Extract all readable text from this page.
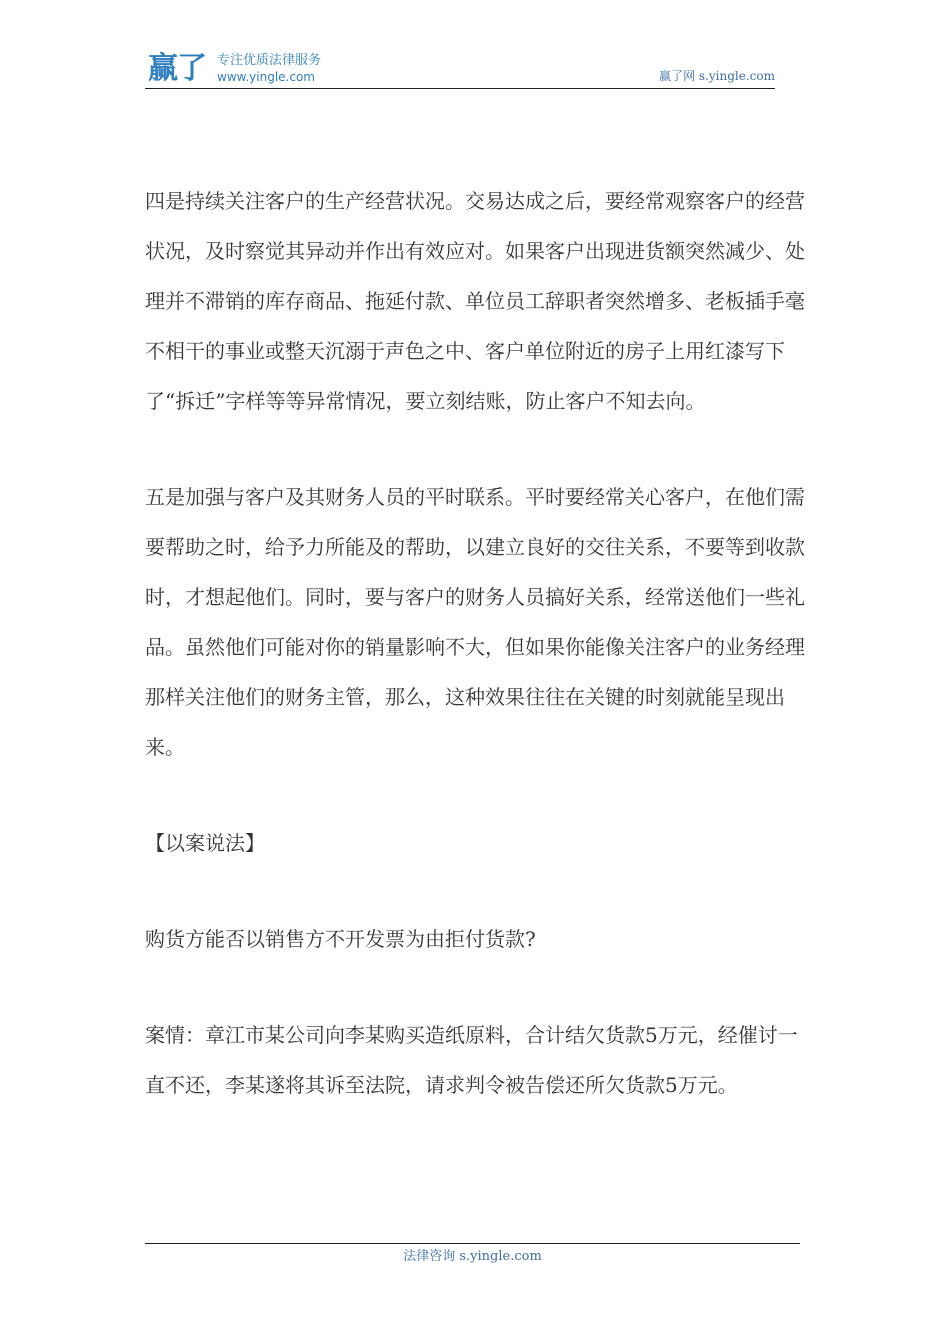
赢了 专注优质法律服务
www.yingle.com	赢了网 s.yingle.com

四是持续关注客户的生产经营状况。交易达成之后，要经常观察客户的经营状况，及时察觉其异动并作出有效应对。如果客户出现进货额突然减少、处理并不滞销的库存商品、拖延付款、单位员工辞职者突然增多、老板插手毫不相干的事业或整天沉溺于声色之中、客户单位附近的房子上用红漆写下了“拆迁”字样等等异常情况，要立刻结账，防止客户不知去向。

五是加强与客户及其财务人员的平时联系。平时要经常关心客户，在他们需要帮助之时，给予力所能及的帮助，以建立良好的交往关系，不要等到收款时，才想起他们。同时，要与客户的财务人员搞好关系，经常送他们一些礼品。虽然他们可能对你的销量影响不大，但如果你能像关注客户的业务经理那样关注他们的财务主管，那么，这种效果往往在关键的时刻就能呈现出来。

【以案说法】

购货方能否以销售方不开发票为由拒付货款?

案情：章江市某公司向李某购买造纸原料，合计结欠货款5万元，经催讨一直不还，李某遂将其诉至法院，请求判令被告偿还所欠货款5万元。

法律咨询 s.yingle.com
